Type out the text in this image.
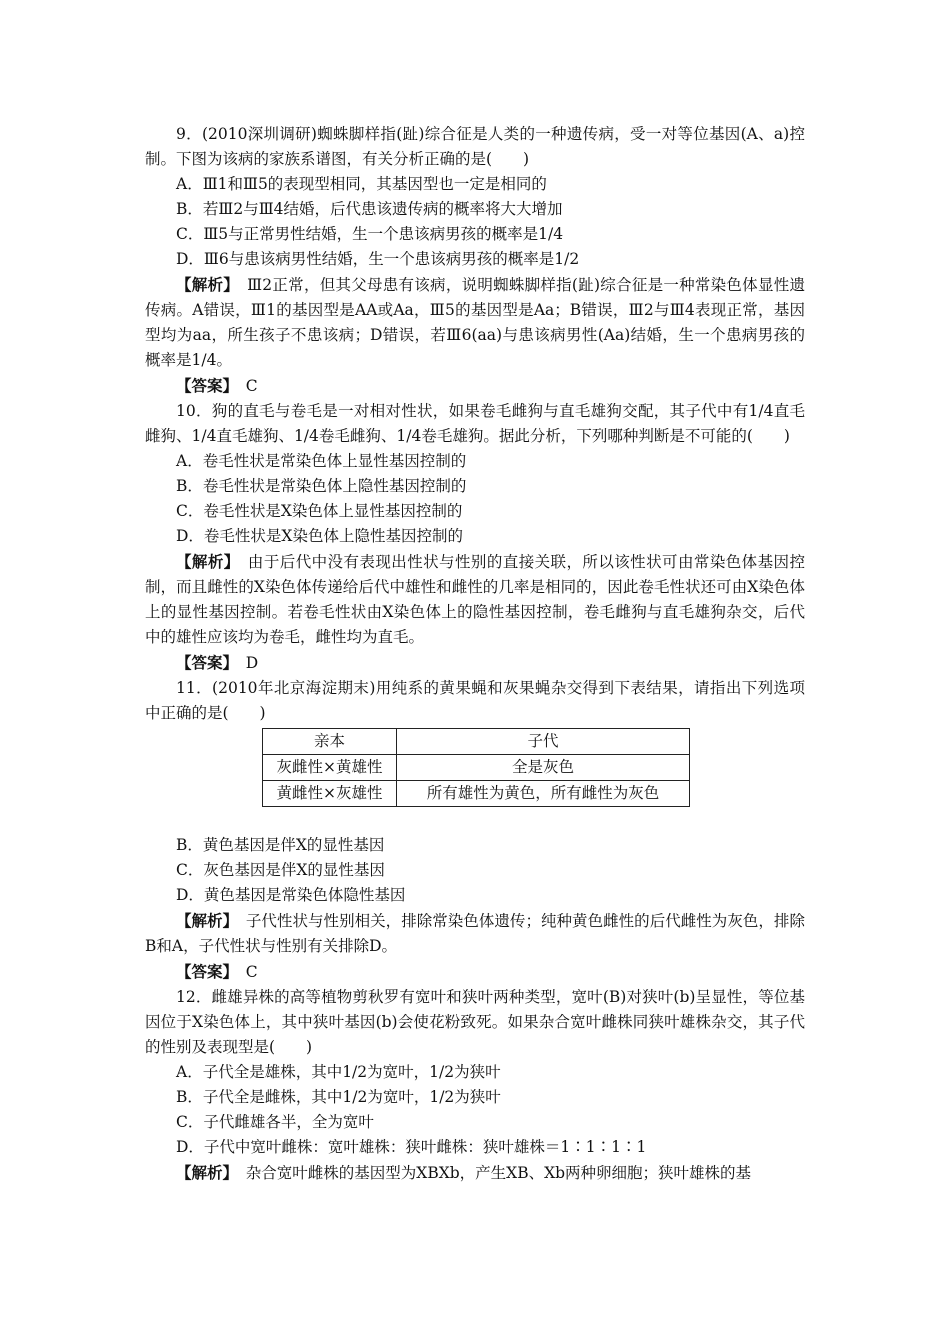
9．(2010深圳调研)蜘蛛脚样指(趾)综合征是人类的一种遗传病，受一对等位基因(A、a)控制。下图为该病的家族系谱图，有关分析正确的是(　　)

A．Ⅲ1和Ⅲ5的表现型相同，其基因型也一定是相同的

B．若Ⅲ2与Ⅲ4结婚，后代患该遗传病的概率将大大增加

C．Ⅲ5与正常男性结婚，生一个患该病男孩的概率是1/4

D．Ⅲ6与患该病男性结婚，生一个患该病男孩的概率是1/2

【解析】　 Ⅲ2正常，但其父母患有该病，说明蜘蛛脚样指(趾)综合征是一种常染色体显性遗传病。A错误，Ⅲ1的基因型是AA或Aa，Ⅲ5的基因型是Aa；B错误，Ⅲ2与Ⅲ4表现正常，基因型均为aa，所生孩子不患该病；D错误，若Ⅲ6(aa)与患该病男性(Aa)结婚，生一个患病男孩的概率是1/4。

【答案】　 C

10．狗的直毛与卷毛是一对相对性状，如果卷毛雌狗与直毛雄狗交配，其子代中有1/4直毛雌狗、1/4直毛雄狗、1/4卷毛雌狗、1/4卷毛雄狗。据此分析，下列哪种判断是不可能的(　　)

A．卷毛性状是常染色体上显性基因控制的

B．卷毛性状是常染色体上隐性基因控制的

C．卷毛性状是X染色体上显性基因控制的

D．卷毛性状是X染色体上隐性基因控制的

【解析】　 由于后代中没有表现出性状与性别的直接关联，所以该性状可由常染色体基因控制，而且雌性的X染色体传递给后代中雄性和雌性的几率是相同的，因此卷毛性状还可由X染色体上的显性基因控制。若卷毛性状由X染色体上的隐性基因控制，卷毛雌狗与直毛雄狗杂交，后代中的雄性应该均为卷毛，雌性均为直毛。

【答案】　 D

11．(2010年北京海淀期末)用纯系的黄果蝇和灰果蝇杂交得到下表结果，请指出下列选项中正确的是(　　)

亲本	子代
灰雌性×黄雄性	全是灰色
黄雌性×灰雄性	所有雄性为黄色，所有雌性为灰色

B．黄色基因是伴X的显性基因

C．灰色基因是伴X的显性基因

D．黄色基因是常染色体隐性基因

【解析】　 子代性状与性别相关，排除常染色体遗传；纯种黄色雌性的后代雌性为灰色，排除B和A，子代性状与性别有关排除D。

【答案】　 C

12．雌雄异株的高等植物剪秋罗有宽叶和狭叶两种类型，宽叶(B)对狭叶(b)呈显性，等位基因位于X染色体上，其中狭叶基因(b)会使花粉致死。如果杂合宽叶雌株同狭叶雄株杂交，其子代的性别及表现型是(　　)

A．子代全是雄株，其中1/2为宽叶，1/2为狭叶

B．子代全是雌株，其中1/2为宽叶，1/2为狭叶

C．子代雌雄各半，全为宽叶

D．子代中宽叶雌株：宽叶雄株：狭叶雌株：狭叶雄株＝1∶1∶1∶1

【解析】　 杂合宽叶雌株的基因型为XBXb，产生XB、Xb两种卵细胞；狭叶雄株的基
